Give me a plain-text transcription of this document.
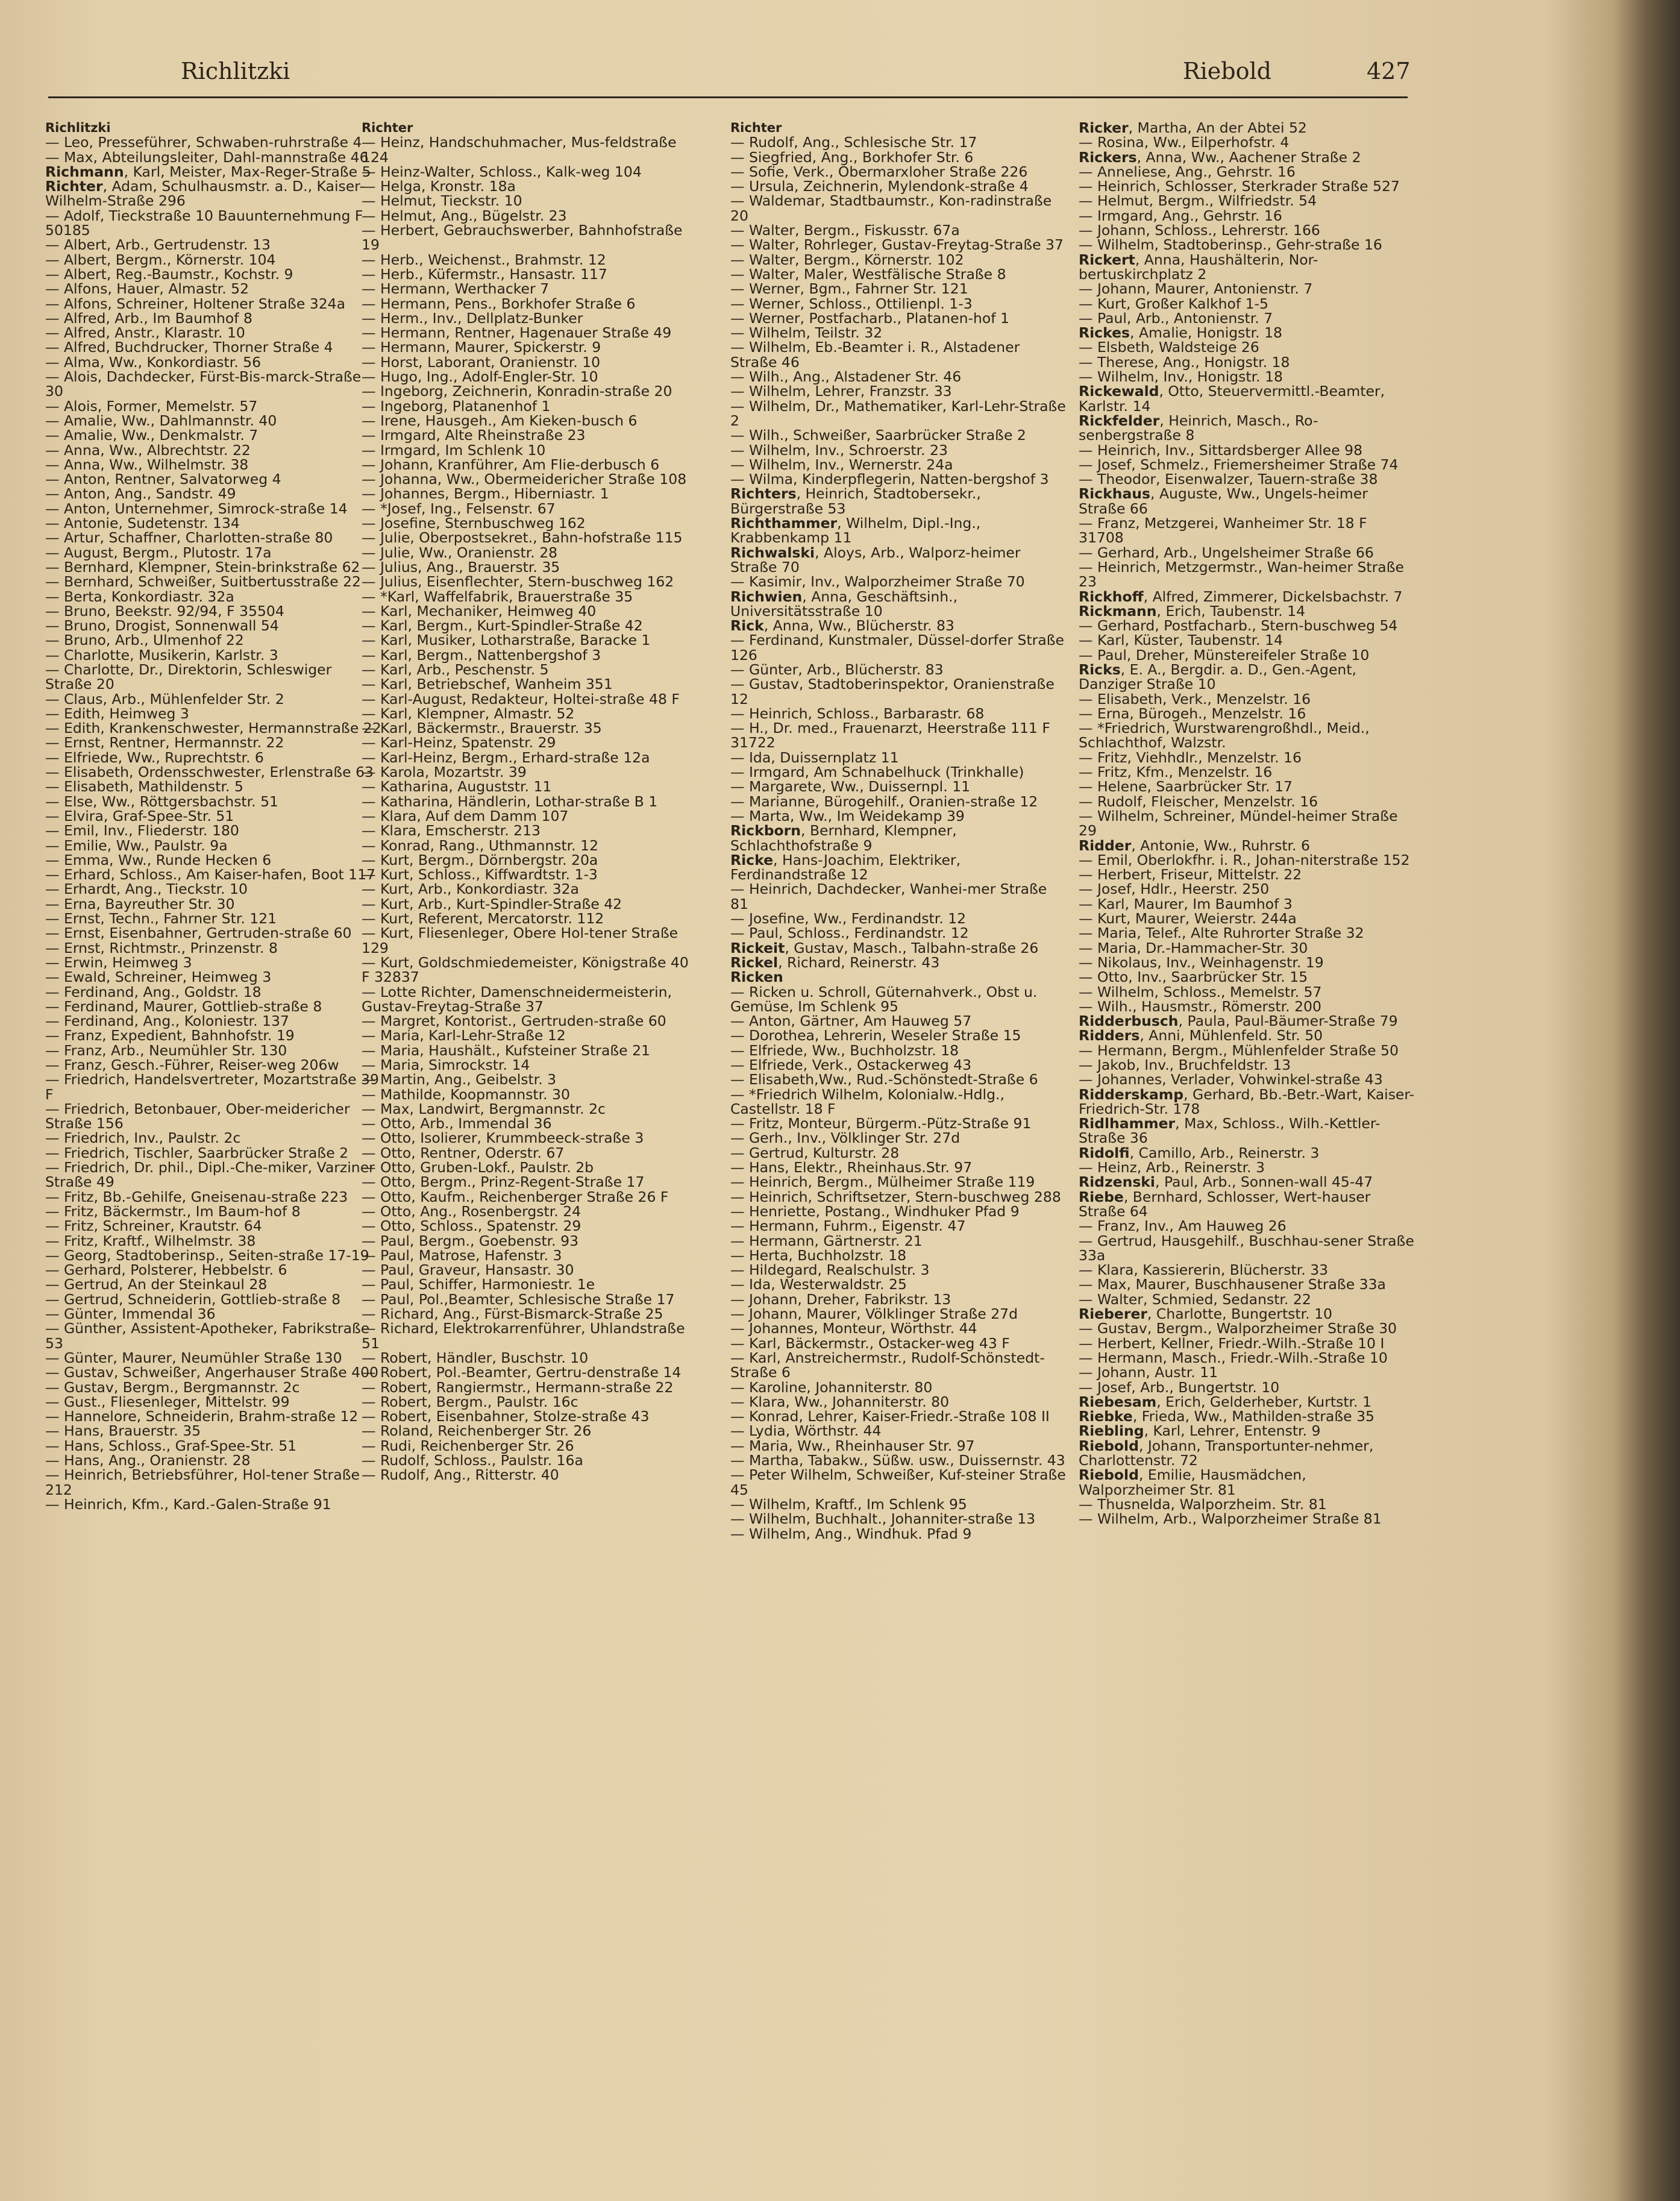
Richlitzki	Riebold	427
Richlitzki
— Leo, Presseführer, Schwaben-ruhrstraße 4
— Max, Abteilungsleiter, Dahl-mannstraße 46
Richmann, Karl, Meister, Max-Reger-Straße 5
Richter, Adam, Schulhausmstr. a. D., Kaiser-Wilhelm-Straße 296
— Adolf, Tieckstraße 10 Bauunternehmung F 50185
— Albert, Arb., Gertrudenstr. 13
— Albert, Bergm., Körnerstr. 104
— Albert, Reg.-Baumstr., Kochstr. 9
— Alfons, Hauer, Almastr. 52
— Alfons, Schreiner, Holtener Straße 324a
— Alfred, Arb., Im Baumhof 8
— Alfred, Anstr., Klarastr. 10
— Alfred, Buchdrucker, Thorner Straße 4
— Alma, Ww., Konkordiastr. 56
— Alois, Dachdecker, Fürst-Bis-marck-Straße 30
— Alois, Former, Memelstr. 57
— Amalie, Ww., Dahlmannstr. 40
— Amalie, Ww., Denkmalstr. 7
— Anna, Ww., Albrechtstr. 22
— Anna, Ww., Wilhelmstr. 38
— Anton, Rentner, Salvatorweg 4
— Anton, Ang., Sandstr. 49
— Anton, Unternehmer, Simrock-straße 14
— Antonie, Sudetenstr. 134
— Artur, Schaffner, Charlotten-straße 80
— August, Bergm., Plutostr. 17a
— Bernhard, Klempner, Stein-brinkstraße 62
— Bernhard, Schweißer, Suitbertusstraße 22
— Berta, Konkordiastr. 32a
— Bruno, Beekstr. 92/94, F 35504
— Bruno, Drogist, Sonnenwall 54
— Bruno, Arb., Ulmenhof 22
— Charlotte, Musikerin, Karlstr. 3
— Charlotte, Dr., Direktorin, Schleswiger Straße 20
— Claus, Arb., Mühlenfelder Str. 2
— Edith, Heimweg 3
— Edith, Krankenschwester, Hermannstraße 22
— Ernst, Rentner, Hermannstr. 22
— Elfriede, Ww., Ruprechtstr. 6
— Elisabeth, Ordensschwester, Erlenstraße 63
— Elisabeth, Mathildenstr. 5
— Else, Ww., Röttgersbachstr. 51
— Elvira, Graf-Spee-Str. 51
— Emil, Inv., Fliederstr. 180
— Emilie, Ww., Paulstr. 9a
— Emma, Ww., Runde Hecken 6
— Erhard, Schloss., Am Kaiser-hafen, Boot 117
— Erhardt, Ang., Tieckstr. 10
— Erna, Bayreuther Str. 30
— Ernst, Techn., Fahrner Str. 121
— Ernst, Eisenbahner, Gertruden-straße 60
— Ernst, Richtmstr., Prinzenstr. 8
— Erwin, Heimweg 3
— Ewald, Schreiner, Heimweg 3
— Ferdinand, Ang., Goldstr. 18
— Ferdinand, Maurer, Gottlieb-straße 8
— Ferdinand, Ang., Koloniestr. 137
— Franz, Expedient, Bahnhofstr. 19
— Franz, Arb., Neumühler Str. 130
— Franz, Gesch.-Führer, Reiser-weg 206w
— Friedrich, Handelsvertreter, Mozartstraße 39 F
— Friedrich, Betonbauer, Ober-meidericher Straße 156
— Friedrich, Inv., Paulstr. 2c
— Friedrich, Tischler, Saarbrücker Straße 2
— Friedrich, Dr. phil., Dipl.-Che-miker, Varziner Straße 49
— Fritz, Bb.-Gehilfe, Gneisenau-straße 223
— Fritz, Bäckermstr., Im Baum-hof 8
— Fritz, Schreiner, Krautstr. 64
— Fritz, Kraftf., Wilhelmstr. 38
— Georg, Stadtoberinsp., Seiten-straße 17-19
— Gerhard, Polsterer, Hebbelstr. 6
— Gertrud, An der Steinkaul 28
— Gertrud, Schneiderin, Gottlieb-straße 8
— Günter, Immendal 36
— Günther, Assistent-Apotheker, Fabrikstraße 53
— Günter, Maurer, Neumühler Straße 130
— Gustav, Schweißer, Angerhauser Straße 400
— Gustav, Bergm., Bergmannstr. 2c
— Gust., Fliesenleger, Mittelstr. 99
— Hannelore, Schneiderin, Brahm-straße 12
— Hans, Brauerstr. 35
— Hans, Schloss., Graf-Spee-Str. 51
— Hans, Ang., Oranienstr. 28
— Heinrich, Betriebsführer, Hol-tener Straße 212
— Heinrich, Kfm., Kard.-Galen-Straße 91
Richter
— Heinz, Handschuhmacher, Mus-feldstraße 124
— Heinz-Walter, Schloss., Kalk-weg 104
— Helga, Kronstr. 18a
— Helmut, Tieckstr. 10
— Helmut, Ang., Bügelstr. 23
— Herbert, Gebrauchswerber, Bahnhofstraße 19
— Herb., Weichenst., Brahmstr. 12
— Herb., Küfermstr., Hansastr. 117
— Hermann, Werthacker 7
— Hermann, Pens., Borkhofer Straße 6
— Herm., Inv., Dellplatz-Bunker
— Hermann, Rentner, Hagenauer Straße 49
— Hermann, Maurer, Spickerstr. 9
— Horst, Laborant, Oranienstr. 10
— Hugo, Ing., Adolf-Engler-Str. 10
— Ingeborg, Zeichnerin, Konradin-straße 20
— Ingeborg, Platanenhof 1
— Irene, Hausgeh., Am Kieken-busch 6
— Irmgard, Alte Rheinstraße 23
— Irmgard, Im Schlenk 10
— Johann, Kranführer, Am Flie-derbusch 6
— Johanna, Ww., Obermeidericher Straße 108
— Johannes, Bergm., Hiberniastr. 1
— *Josef, Ing., Felsenstr. 67
— Josefine, Sternbuschweg 162
— Julie, Oberpostsekret., Bahn-hofstraße 115
— Julie, Ww., Oranienstr. 28
— Julius, Ang., Brauerstr. 35
— Julius, Eisenflechter, Stern-buschweg 162
— *Karl, Waffelfabrik, Brauerstraße 35
— Karl, Mechaniker, Heimweg 40
— Karl, Bergm., Kurt-Spindler-Straße 42
— Karl, Musiker, Lotharstraße, Baracke 1
— Karl, Bergm., Nattenbergshof 3
— Karl, Arb., Peschenstr. 5
— Karl, Betriebschef, Wanheim 351
— Karl-August, Redakteur, Holtei-straße 48 F
— Karl, Klempner, Almastr. 52
— Karl, Bäckermstr., Brauerstr. 35
— Karl-Heinz, Spatenstr. 29
— Karl-Heinz, Bergm., Erhard-straße 12a
— Karola, Mozartstr. 39
— Katharina, Auguststr. 11
— Katharina, Händlerin, Lothar-straße B 1
— Klara, Auf dem Damm 107
— Klara, Emscherstr. 213
— Konrad, Rang., Uthmannstr. 12
— Kurt, Bergm., Dörnbergstr. 20a
— Kurt, Schloss., Kiffwardtstr. 1-3
— Kurt, Arb., Konkordiastr. 32a
— Kurt, Arb., Kurt-Spindler-Straße 42
— Kurt, Referent, Mercatorstr. 112
— Kurt, Fliesenleger, Obere Hol-tener Straße 129
— Kurt, Goldschmiedemeister, Königstraße 40 F 32837
— Lotte Richter, Damenschneidermeisterin, Gustav-Freytag-Straße 37
— Margret, Kontorist., Gertruden-straße 60
— Maria, Karl-Lehr-Straße 12
— Maria, Haushält., Kufsteiner Straße 21
— Maria, Simrockstr. 14
— Martin, Ang., Geibelstr. 3
— Mathilde, Koopmannstr. 30
— Max, Landwirt, Bergmannstr. 2c
— Otto, Arb., Immendal 36
— Otto, Isolierer, Krummbeeck-straße 3
— Otto, Rentner, Oderstr. 67
— Otto, Gruben-Lokf., Paulstr. 2b
— Otto, Bergm., Prinz-Regent-Straße 17
— Otto, Kaufm., Reichenberger Straße 26 F
— Otto, Ang., Rosenbergstr. 24
— Otto, Schloss., Spatenstr. 29
— Paul, Bergm., Goebenstr. 93
— Paul, Matrose, Hafenstr. 3
— Paul, Graveur, Hansastr. 30
— Paul, Schiffer, Harmoniestr. 1e
— Paul, Pol.,Beamter, Schlesische Straße 17
— Richard, Ang., Fürst-Bismarck-Straße 25
— Richard, Elektrokarrenführer, Uhlandstraße 51
— Robert, Händler, Buschstr. 10
— Robert, Pol.-Beamter, Gertru-denstraße 14
— Robert, Rangiermstr., Hermann-straße 22
— Robert, Bergm., Paulstr. 16c
— Robert, Eisenbahner, Stolze-straße 43
— Roland, Reichenberger Str. 26
— Rudi, Reichenberger Str. 26
— Rudolf, Schloss., Paulstr. 16a
— Rudolf, Ang., Ritterstr. 40
Richter
— Rudolf, Ang., Schlesische Str. 17
— Siegfried, Ang., Borkhofer Str. 6
— Sofie, Verk., Obermarxloher Straße 226
— Ursula, Zeichnerin, Mylendonk-straße 4
— Waldemar, Stadtbaumstr., Kon-radinstraße 20
— Walter, Bergm., Fiskusstr. 67a
— Walter, Rohrleger, Gustav-Freytag-Straße 37
— Walter, Bergm., Körnerstr. 102
— Walter, Maler, Westfälische Straße 8
— Werner, Bgm., Fahrner Str. 121
— Werner, Schloss., Ottilienpl. 1-3
— Werner, Postfacharb., Platanen-hof 1
— Wilhelm, Teilstr. 32
— Wilhelm, Eb.-Beamter i. R., Alstadener Straße 46
— Wilh., Ang., Alstadener Str. 46
— Wilhelm, Lehrer, Franzstr. 33
— Wilhelm, Dr., Mathematiker, Karl-Lehr-Straße 2
— Wilh., Schweißer, Saarbrücker Straße 2
— Wilhelm, Inv., Schroerstr. 23
— Wilhelm, Inv., Wernerstr. 24a
— Wilma, Kinderpflegerin, Natten-bergshof 3
Richters, Heinrich, Stadtobersekr., Bürgerstraße 53
Richthammer, Wilhelm, Dipl.-Ing., Krabbenkamp 11
Richwalski, Aloys, Arb., Walporz-heimer Straße 70
— Kasimir, Inv., Walporzheimer Straße 70
Richwien, Anna, Geschäftsinh., Universitätsstraße 10
Rick, Anna, Ww., Blücherstr. 83
— Ferdinand, Kunstmaler, Düssel-dorfer Straße 126
— Günter, Arb., Blücherstr. 83
— Gustav, Stadtoberinspektor, Oranienstraße 12
— Heinrich, Schloss., Barbarastr. 68
— H., Dr. med., Frauenarzt, Heerstraße 111 F 31722
— Ida, Duissernplatz 11
— Irmgard, Am Schnabelhuck (Trinkhalle)
— Margarete, Ww., Duissernpl. 11
— Marianne, Bürogehilf., Oranien-straße 12
— Marta, Ww., Im Weidekamp 39
Rickborn, Bernhard, Klempner, Schlachthofstraße 9
Ricke, Hans-Joachim, Elektriker, Ferdinandstraße 12
— Heinrich, Dachdecker, Wanhei-mer Straße 81
— Josefine, Ww., Ferdinandstr. 12
— Paul, Schloss., Ferdinandstr. 12
Rickeit, Gustav, Masch., Talbahn-straße 26
Rickel, Richard, Reinerstr. 43
Ricken
— Ricken u. Schroll, Güternahverk., Obst u. Gemüse, Im Schlenk 95
— Anton, Gärtner, Am Hauweg 57
— Dorothea, Lehrerin, Weseler Straße 15
— Elfriede, Ww., Buchholzstr. 18
— Elfriede, Verk., Ostackerweg 43
— Elisabeth,Ww., Rud.-Schönstedt-Straße 6
— *Friedrich Wilhelm, Kolonialw.-Hdlg., Castellstr. 18 F
— Fritz, Monteur, Bürgerm.-Pütz-Straße 91
— Gerh., Inv., Völklinger Str. 27d
— Gertrud, Kulturstr. 28
— Hans, Elektr., Rheinhaus.Str. 97
— Heinrich, Bergm., Mülheimer Straße 119
— Heinrich, Schriftsetzer, Stern-buschweg 288
— Henriette, Postang., Windhuker Pfad 9
— Hermann, Fuhrm., Eigenstr. 47
— Hermann, Gärtnerstr. 21
— Herta, Buchholzstr. 18
— Hildegard, Realschulstr. 3
— Ida, Westerwaldstr. 25
— Johann, Dreher, Fabrikstr. 13
— Johann, Maurer, Völklinger Straße 27d
— Johannes, Monteur, Wörthstr. 44
— Karl, Bäckermstr., Ostacker-weg 43 F
— Karl, Anstreichermstr., Rudolf-Schönstedt-Straße 6
— Karoline, Johanniterstr. 80
— Klara, Ww., Johanniterstr. 80
— Konrad, Lehrer, Kaiser-Friedr.-Straße 108 II
— Lydia, Wörthstr. 44
— Maria, Ww., Rheinhauser Str. 97
— Martha, Tabakw., Süßw. usw., Duissernstr. 43
— Peter Wilhelm, Schweißer, Kuf-steiner Straße 45
— Wilhelm, Kraftf., Im Schlenk 95
— Wilhelm, Buchhalt., Johanniter-straße 13
— Wilhelm, Ang., Windhuk. Pfad 9
Ricker, Martha, An der Abtei 52
— Rosina, Ww., Eilperhofstr. 4
Rickers, Anna, Ww., Aachener Straße 2
— Anneliese, Ang., Gehrstr. 16
— Heinrich, Schlosser, Sterkrader Straße 527
— Helmut, Bergm., Wilfriedstr. 54
— Irmgard, Ang., Gehrstr. 16
— Johann, Schloss., Lehrerstr. 166
— Wilhelm, Stadtoberinsp., Gehr-straße 16
Rickert, Anna, Haushälterin, Nor-bertuskirchplatz 2
— Johann, Maurer, Antonienstr. 7
— Kurt, Großer Kalkhof 1-5
— Paul, Arb., Antonienstr. 7
Rickes, Amalie, Honigstr. 18
— Elsbeth, Waldsteige 26
— Therese, Ang., Honigstr. 18
— Wilhelm, Inv., Honigstr. 18
Rickewald, Otto, Steuervermittl.-Beamter, Karlstr. 14
Rickfelder, Heinrich, Masch., Ro-senbergstraße 8
— Heinrich, Inv., Sittardsberger Allee 98
— Josef, Schmelz., Friemersheimer Straße 74
— Theodor, Eisenwalzer, Tauern-straße 38
Rickhaus, Auguste, Ww., Ungels-heimer Straße 66
— Franz, Metzgerei, Wanheimer Str. 18 F 31708
— Gerhard, Arb., Ungelsheimer Straße 66
— Heinrich, Metzgermstr., Wan-heimer Straße 23
Rickhoff, Alfred, Zimmerer, Dickelsbachstr. 7
Rickmann, Erich, Taubenstr. 14
— Gerhard, Postfacharb., Stern-buschweg 54
— Karl, Küster, Taubenstr. 14
— Paul, Dreher, Münstereifeler Straße 10
Ricks, E. A., Bergdir. a. D., Gen.-Agent, Danziger Straße 10
— Elisabeth, Verk., Menzelstr. 16
— Erna, Bürogeh., Menzelstr. 16
— *Friedrich, Wurstwarengroßhdl., Meid., Schlachthof, Walzstr.
— Fritz, Viehhdlr., Menzelstr. 16
— Fritz, Kfm., Menzelstr. 16
— Helene, Saarbrücker Str. 17
— Rudolf, Fleischer, Menzelstr. 16
— Wilhelm, Schreiner, Mündel-heimer Straße 29
Ridder, Antonie, Ww., Ruhrstr. 6
— Emil, Oberlokfhr. i. R., Johan-niterstraße 152
— Herbert, Friseur, Mittelstr. 22
— Josef, Hdlr., Heerstr. 250
— Karl, Maurer, Im Baumhof 3
— Kurt, Maurer, Weierstr. 244a
— Maria, Telef., Alte Ruhrorter Straße 32
— Maria, Dr.-Hammacher-Str. 30
— Nikolaus, Inv., Weinhagenstr. 19
— Otto, Inv., Saarbrücker Str. 15
— Wilhelm, Schloss., Memelstr. 57
— Wilh., Hausmstr., Römerstr. 200
Ridderbusch, Paula, Paul-Bäumer-Straße 79
Ridders, Anni, Mühlenfeld. Str. 50
— Hermann, Bergm., Mühlenfelder Straße 50
— Jakob, Inv., Bruchfeldstr. 13
— Johannes, Verlader, Vohwinkel-straße 43
Ridderskamp, Gerhard, Bb.-Betr.-Wart, Kaiser-Friedrich-Str. 178
Ridlhammer, Max, Schloss., Wilh.-Kettler-Straße 36
Ridolfi, Camillo, Arb., Reinerstr. 3
— Heinz, Arb., Reinerstr. 3
Ridzenski, Paul, Arb., Sonnen-wall 45-47
Riebe, Bernhard, Schlosser, Wert-hauser Straße 64
— Franz, Inv., Am Hauweg 26
— Gertrud, Hausgehilf., Buschhau-sener Straße 33a
— Klara, Kassiererin, Blücherstr. 33
— Max, Maurer, Buschhausener Straße 33a
— Walter, Schmied, Sedanstr. 22
Rieberer, Charlotte, Bungertstr. 10
— Gustav, Bergm., Walporzheimer Straße 30
— Herbert, Kellner, Friedr.-Wilh.-Straße 10 I
— Hermann, Masch., Friedr.-Wilh.-Straße 10
— Johann, Austr. 11
— Josef, Arb., Bungertstr. 10
Riebesam, Erich, Gelderheber, Kurtstr. 1
Riebke, Frieda, Ww., Mathilden-straße 35
Riebling, Karl, Lehrer, Entenstr. 9
Riebold, Johann, Transportunter-nehmer, Charlottenstr. 72
Riebold, Emilie, Hausmädchen, Walporzheimer Str. 81
— Thusnelda, Walporzheim. Str. 81
— Wilhelm, Arb., Walporzheimer Straße 81
